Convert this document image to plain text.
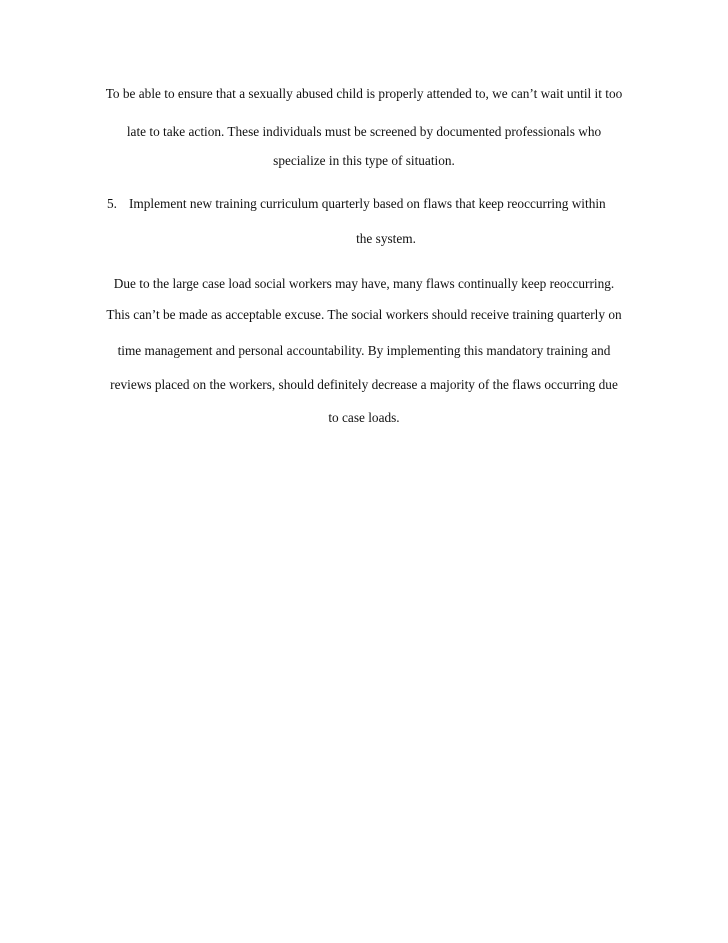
To be able to ensure that a sexually abused child is properly attended to, we can’t wait until it too
late to take action. These individuals must be screened by documented professionals who
specialize in this type of situation.
5. Implement new training curriculum quarterly based on flaws that keep reoccurring within
the system.
Due to the large case load social workers may have, many flaws continually keep reoccurring.
This can’t be made as acceptable excuse. The social workers should receive training quarterly on
time management and personal accountability. By implementing this mandatory training and
reviews placed on the workers, should definitely decrease a majority of the flaws occurring due
to case loads.
